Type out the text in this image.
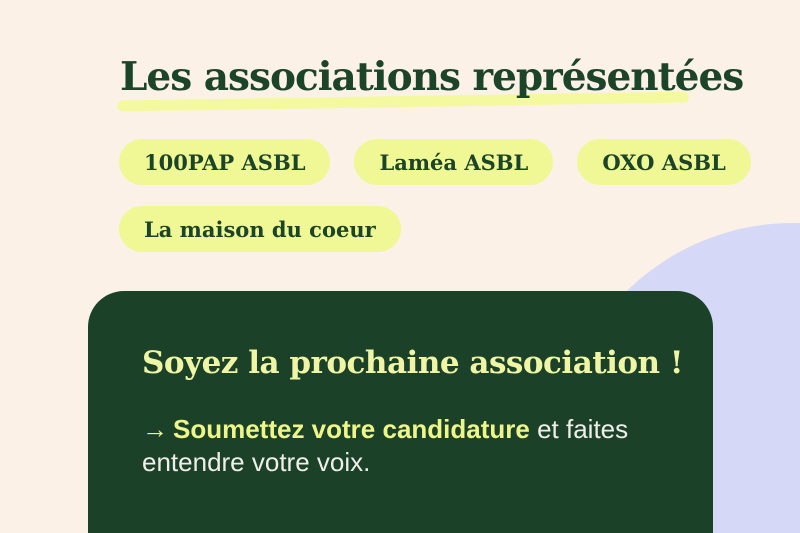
Les associations représentées
100PAP ASBL	Laméa ASBL	OXO ASBL
La maison du coeur
Soyez la prochaine association !

→ Soumettez votre candidature et faites entendre votre voix.
